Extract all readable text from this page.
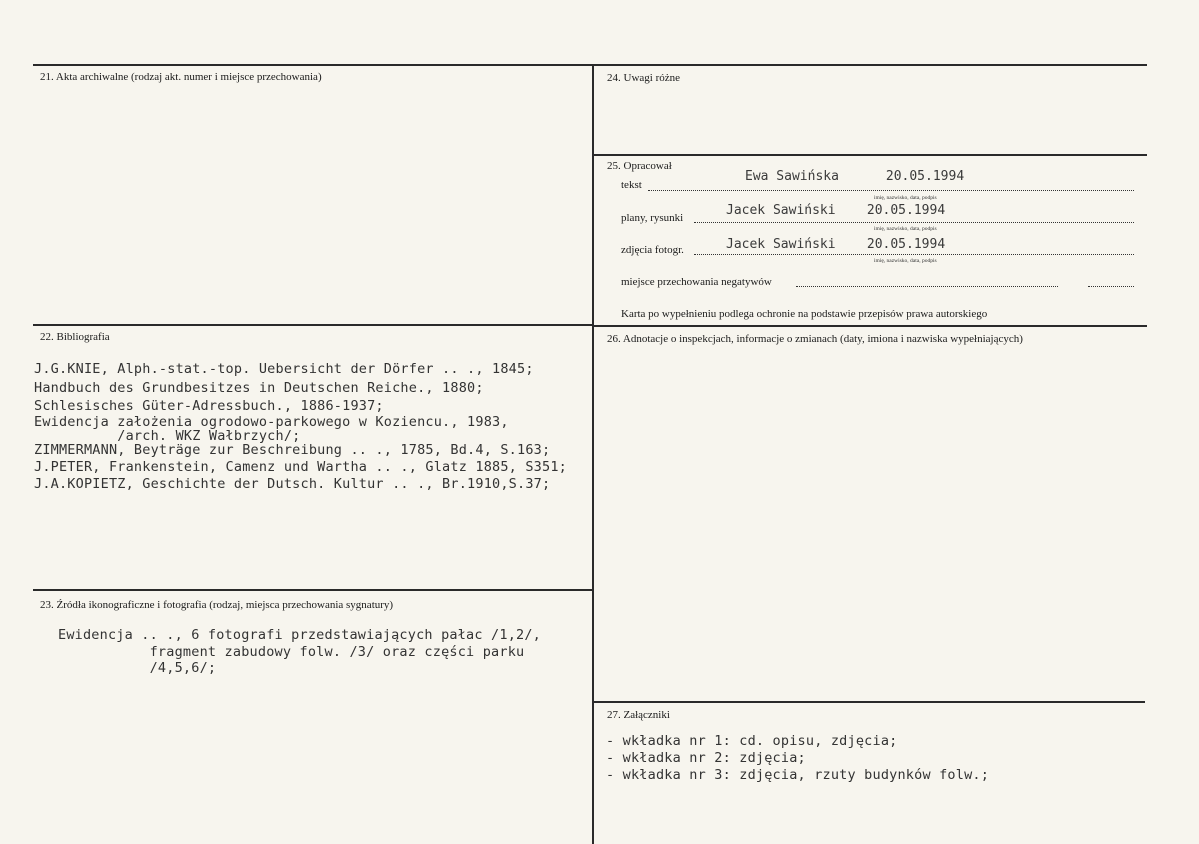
21. Akta archiwalne (rodzaj akt. numer i miejsce przechowania)
22. Bibliografia
J.G.KNIE, Alph.-stat.-top. Uebersicht der Dörfer .. ., 1845;
Handbuch des Grundbesitzes in Deutschen Reiche., 1880;
Schlesisches Güter-Adressbuch., 1886-1937;
Ewidencja założenia ogrodowo-parkowego w Koziencu., 1983,
/arch. WKZ Wałbrzych/;
ZIMMERMANN, Beyträge zur Beschreibung .. ., 1785, Bd.4, S.163;
J.PETER, Frankenstein, Camenz und Wartha .. ., Glatz 1885, S351;
J.A.KOPIETZ, Geschichte der Dutsch. Kultur .. ., Br.1910,S.37;
23. Źródła ikonograficzne i fotografia (rodzaj, miejsca przechowania sygnatury)
Ewidencja .. ., 6 fotografi przedstawiających pałac /1,2/,
fragment zabudowy folw. /3/ oraz części parku
/4,5,6/;
24. Uwagi różne
25. Opracował
tekst
Ewa Sawińska      20.05.1994
imię, nazwisko, data, podpis
plany, rysunki	Jacek Sawiński    20.05.1994
imię, nazwisko, data, podpis
zdjęcia fotogr.	Jacek Sawiński    20.05.1994
imię, nazwisko, data, podpis
miejsce przechowania negatywów
Karta po wypełnieniu podlega ochronie na podstawie przepisów prawa autorskiego
26. Adnotacje o inspekcjach, informacje o zmianach (daty, imiona i nazwiska wypełniających)
27. Załączniki
- wkładka nr 1: cd. opisu, zdjęcia;
- wkładka nr 2: zdjęcia;
- wkładka nr 3: zdjęcia, rzuty budynków folw.;
